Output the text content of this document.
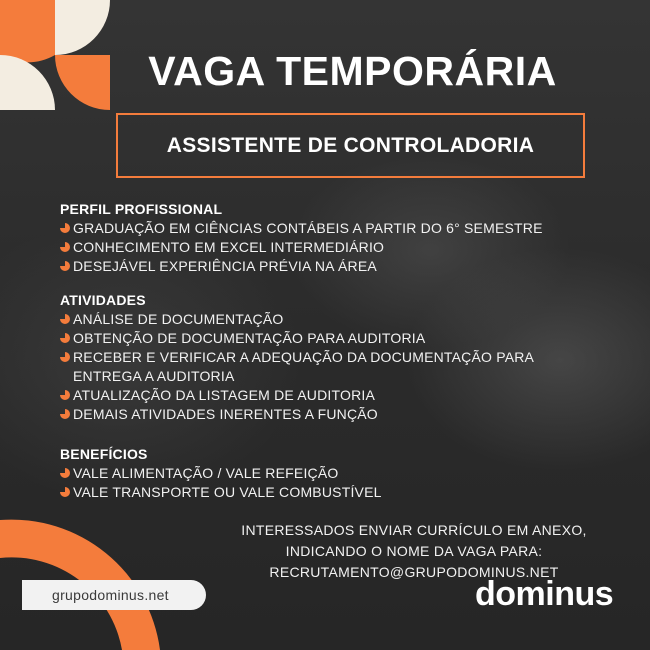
VAGA TEMPORÁRIA
ASSISTENTE DE CONTROLADORIA
PERFIL PROFISSIONAL
GRADUAÇÃO EM CIÊNCIAS CONTÁBEIS A PARTIR DO 6° SEMESTRE
CONHECIMENTO EM EXCEL INTERMEDIÁRIO
DESEJÁVEL EXPERIÊNCIA PRÉVIA NA ÁREA
ATIVIDADES
ANÁLISE DE DOCUMENTAÇÃO
OBTENÇÃO DE DOCUMENTAÇÃO PARA AUDITORIA
RECEBER E VERIFICAR A ADEQUAÇÃO DA DOCUMENTAÇÃO PARA ENTREGA A AUDITORIA
ATUALIZAÇÃO DA LISTAGEM DE AUDITORIA
DEMAIS ATIVIDADES INERENTES A FUNÇÃO
BENEFÍCIOS
VALE ALIMENTAÇÃO / VALE REFEIÇÃO
VALE TRANSPORTE OU VALE COMBUSTÍVEL
INTERESSADOS ENVIAR CURRÍCULO EM ANEXO,
INDICANDO O NOME DA VAGA PARA:
RECRUTAMENTO@GRUPODOMINUS.NET
grupodominus.net	dominus
